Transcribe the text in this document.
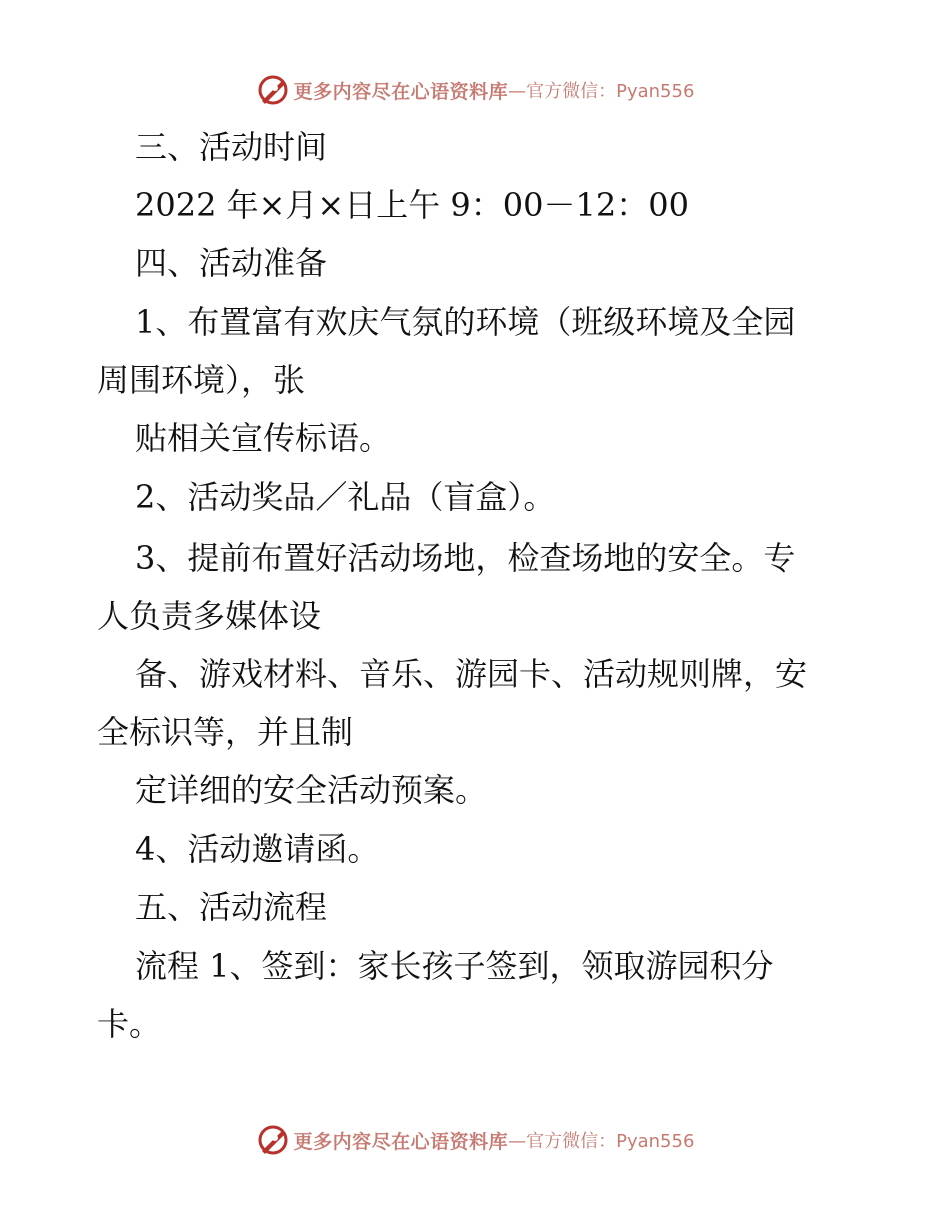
更多内容尽在心语资料库 —官方微信：Pyan556
三、活动时间
2022 年×月×日上午 9：00－12：00
四、活动准备
1、布置富有欢庆气氛的环境（班级环境及全园
周围环境），张
贴相关宣传标语。
2、活动奖品／礼品（盲盒）。
3、提前布置好活动场地，检查场地的安全。专
人负责多媒体设
备、游戏材料、音乐、游园卡、活动规则牌，安
全标识等，并且制
定详细的安全活动预案。
4、活动邀请函。
五、活动流程
流程 1、签到：家长孩子签到，领取游园积分
卡。
更多内容尽在心语资料库 —官方微信：Pyan556
